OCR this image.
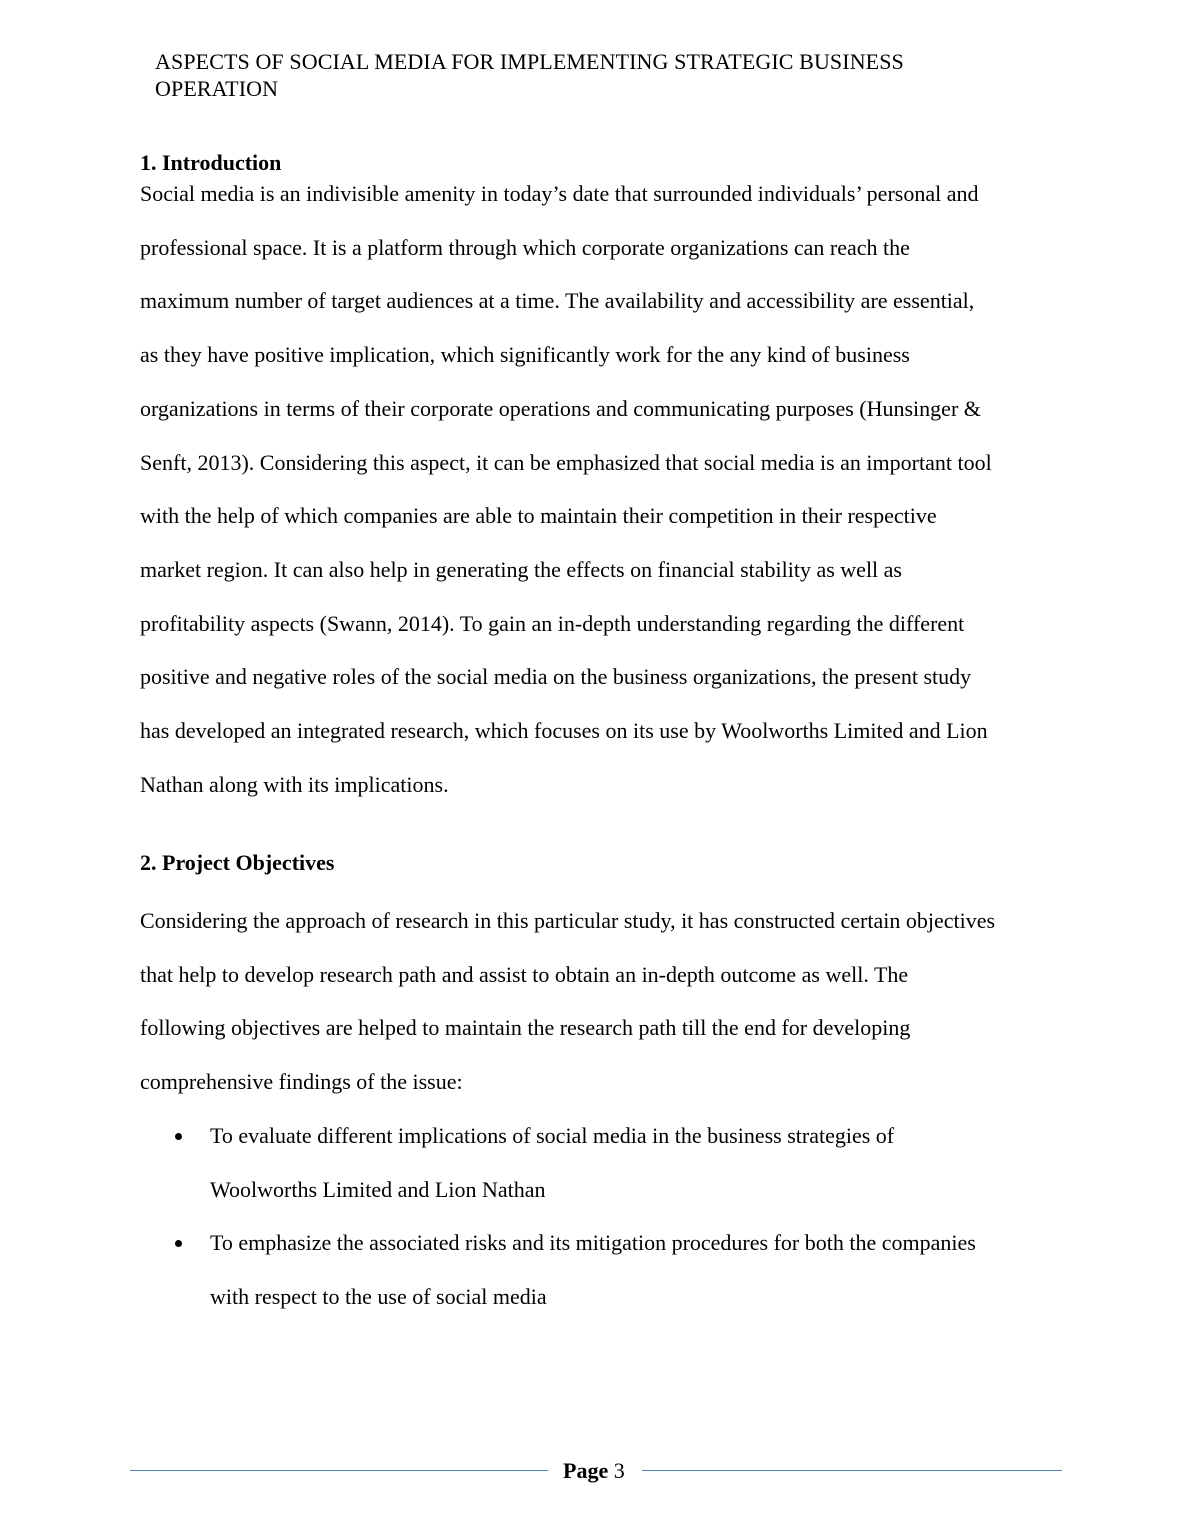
ASPECTS OF SOCIAL MEDIA FOR IMPLEMENTING STRATEGIC BUSINESS
OPERATION
1. Introduction
Social media is an indivisible amenity in today’s date that surrounded individuals’ personal and
professional space. It is a platform through which corporate organizations can reach the
maximum number of target audiences at a time. The availability and accessibility are essential,
as they have positive implication, which significantly work for the any kind of business
organizations in terms of their corporate operations and communicating purposes (Hunsinger &
Senft, 2013). Considering this aspect, it can be emphasized that social media is an important tool
with the help of which companies are able to maintain their competition in their respective
market region. It can also help in generating the effects on financial stability as well as
profitability aspects (Swann, 2014). To gain an in-depth understanding regarding the different
positive and negative roles of the social media on the business organizations, the present study
has developed an integrated research, which focuses on its use by Woolworths Limited and Lion
Nathan along with its implications.
2. Project Objectives
Considering the approach of research in this particular study, it has constructed certain objectives
that help to develop research path and assist to obtain an in-depth outcome as well. The
following objectives are helped to maintain the research path till the end for developing
comprehensive findings of the issue:
To evaluate different implications of social media in the business strategies of
Woolworths Limited and Lion Nathan
To emphasize the associated risks and its mitigation procedures for both the companies
with respect to the use of social media
Page 3
